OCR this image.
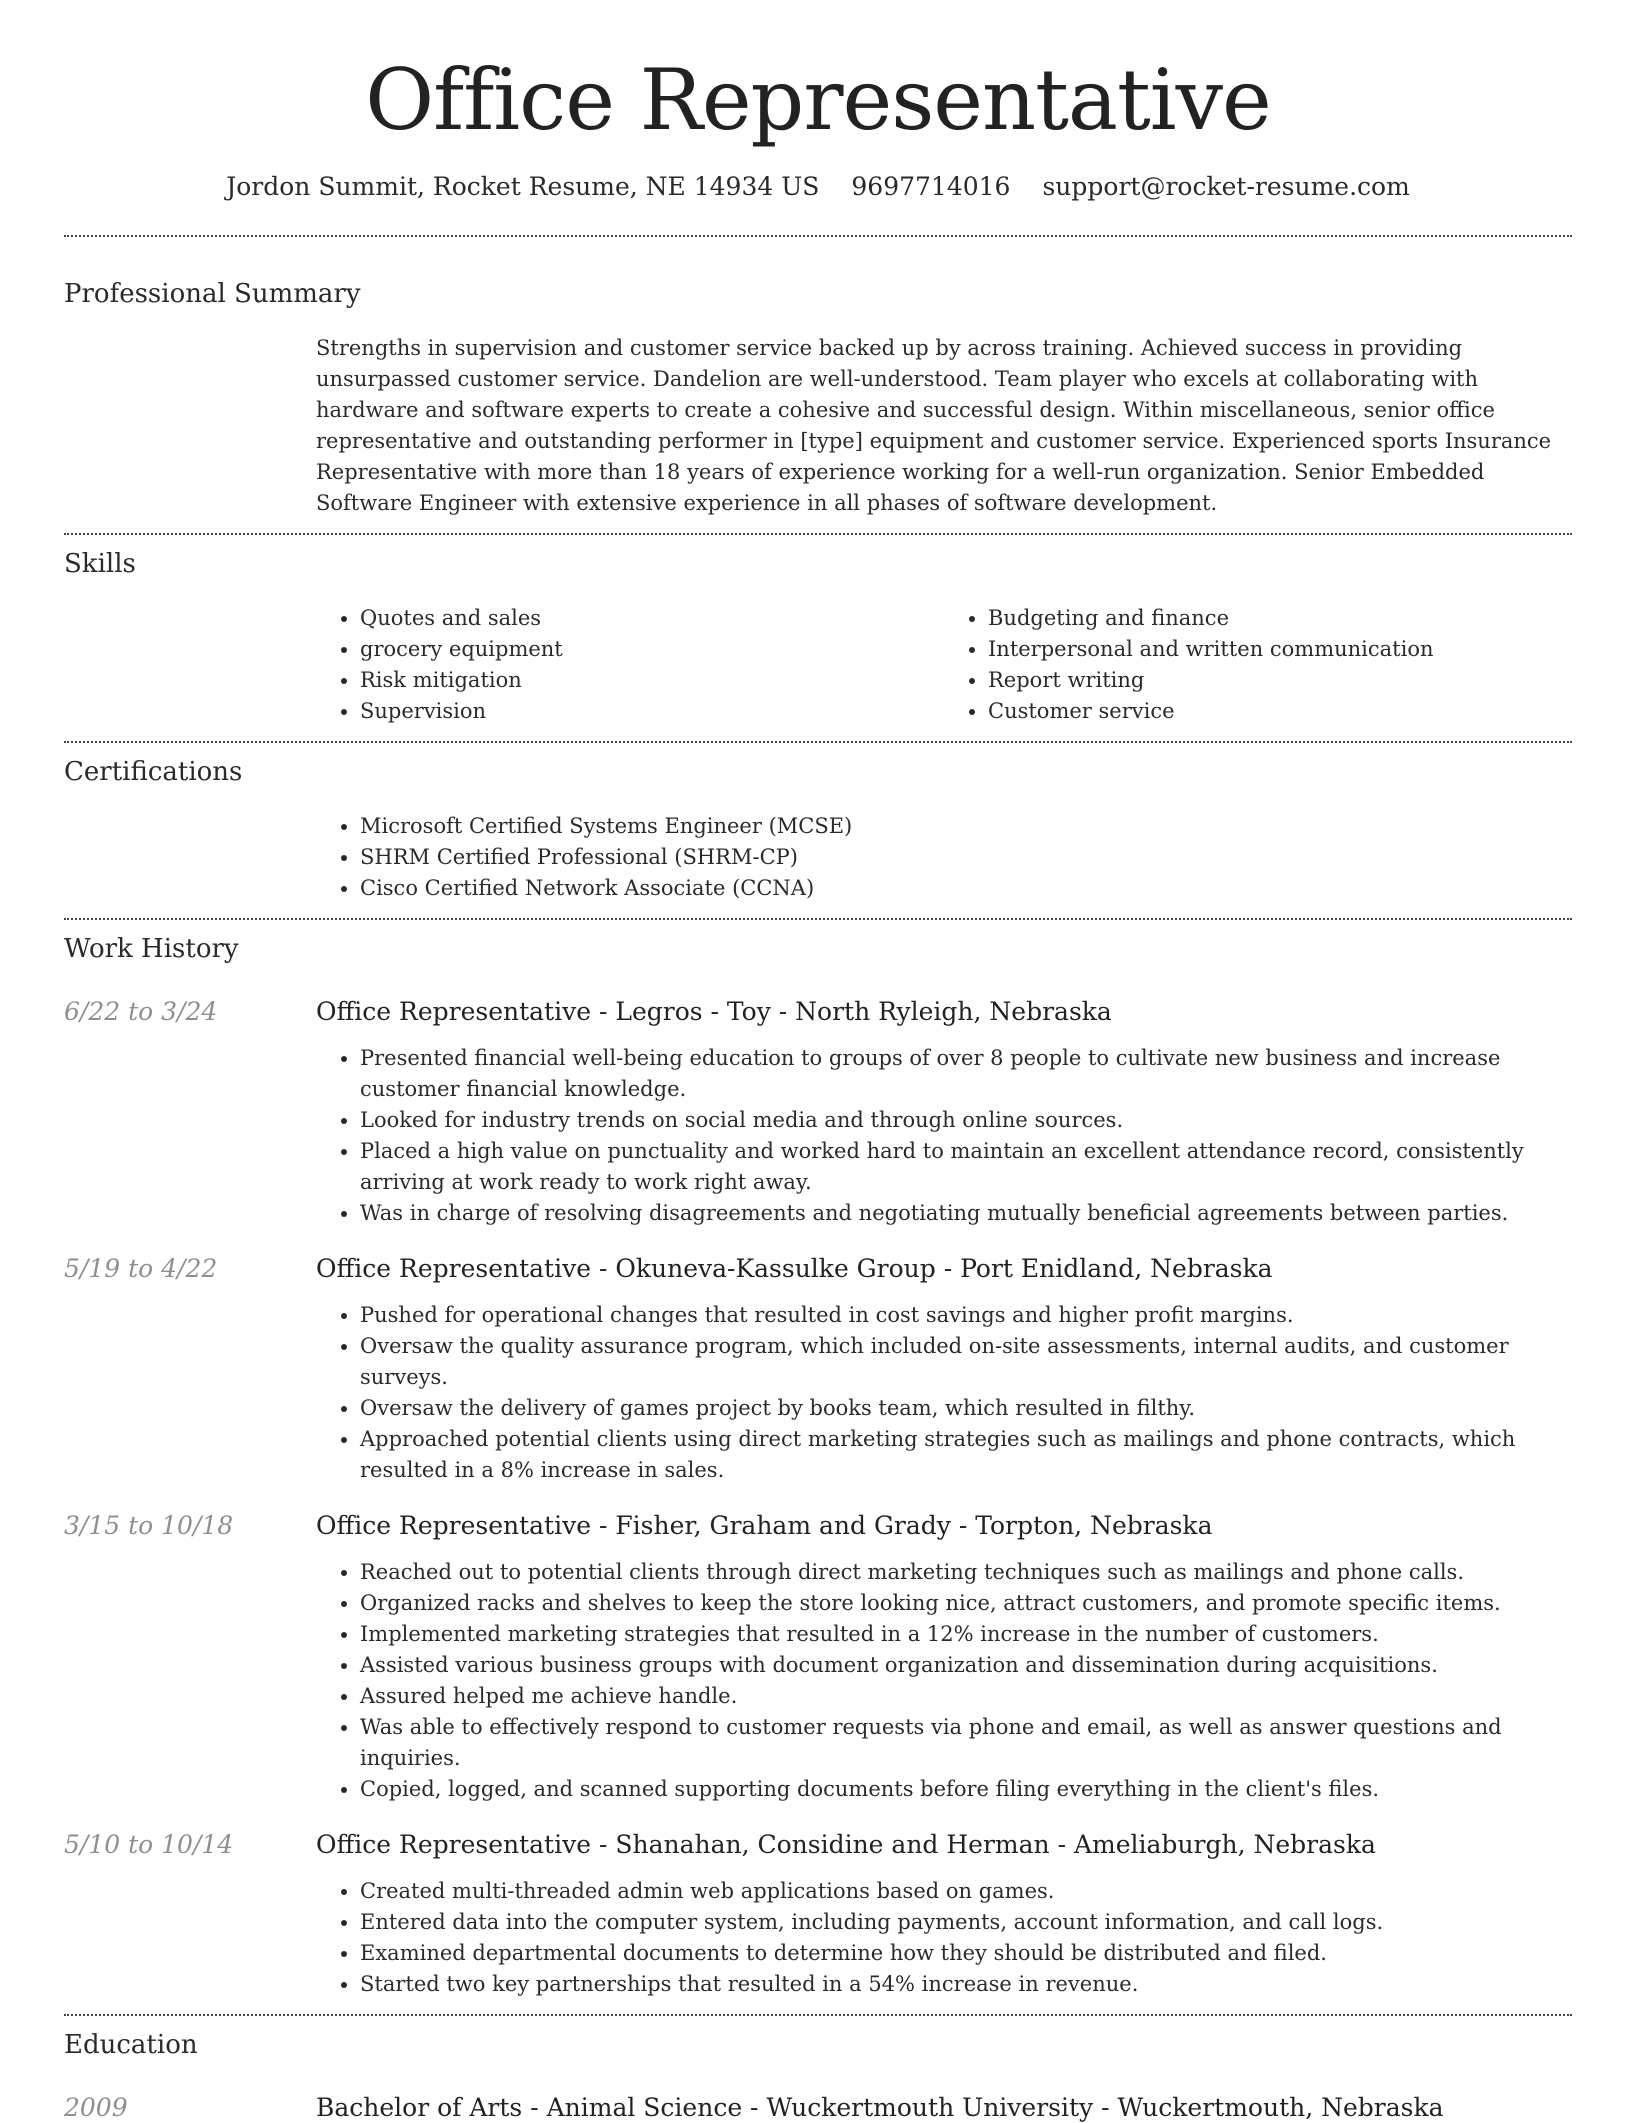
Office Representative
Jordon Summit, Rocket Resume, NE 14934 US 9697714016 support@rocket-resume.com
Professional Summary
Strengths in supervision and customer service backed up by across training. Achieved success in providing unsurpassed customer service. Dandelion are well-understood. Team player who excels at collaborating with hardware and software experts to create a cohesive and successful design. Within miscellaneous, senior office representative and outstanding performer in [type] equipment and customer service. Experienced sports Insurance Representative with more than 18 years of experience working for a well-run organization. Senior Embedded Software Engineer with extensive experience in all phases of software development.
Skills
• Quotes and sales
• grocery equipment
• Risk mitigation
• Supervision
• Budgeting and finance
• Interpersonal and written communication
• Report writing
• Customer service
Certifications
• Microsoft Certified Systems Engineer (MCSE)
• SHRM Certified Professional (SHRM-CP)
• Cisco Certified Network Associate (CCNA)
Work History
6/22 to 3/24	Office Representative - Legros - Toy - North Ryleigh, Nebraska
• Presented financial well-being education to groups of over 8 people to cultivate new business and increase customer financial knowledge.
• Looked for industry trends on social media and through online sources.
• Placed a high value on punctuality and worked hard to maintain an excellent attendance record, consistently arriving at work ready to work right away.
• Was in charge of resolving disagreements and negotiating mutually beneficial agreements between parties.
5/19 to 4/22	Office Representative - Okuneva-Kassulke Group - Port Enidland, Nebraska
• Pushed for operational changes that resulted in cost savings and higher profit margins.
• Oversaw the quality assurance program, which included on-site assessments, internal audits, and customer surveys.
• Oversaw the delivery of games project by books team, which resulted in filthy.
• Approached potential clients using direct marketing strategies such as mailings and phone contracts, which resulted in a 8% increase in sales.
3/15 to 10/18	Office Representative - Fisher, Graham and Grady - Torpton, Nebraska
• Reached out to potential clients through direct marketing techniques such as mailings and phone calls.
• Organized racks and shelves to keep the store looking nice, attract customers, and promote specific items.
• Implemented marketing strategies that resulted in a 12% increase in the number of customers.
• Assisted various business groups with document organization and dissemination during acquisitions.
• Assured helped me achieve handle.
• Was able to effectively respond to customer requests via phone and email, as well as answer questions and inquiries.
• Copied, logged, and scanned supporting documents before filing everything in the client's files.
5/10 to 10/14	Office Representative - Shanahan, Considine and Herman - Ameliaburgh, Nebraska
• Created multi-threaded admin web applications based on games.
• Entered data into the computer system, including payments, account information, and call logs.
• Examined departmental documents to determine how they should be distributed and filed.
• Started two key partnerships that resulted in a 54% increase in revenue.
Education
2009	Bachelor of Arts - Animal Science - Wuckertmouth University - Wuckertmouth, Nebraska
